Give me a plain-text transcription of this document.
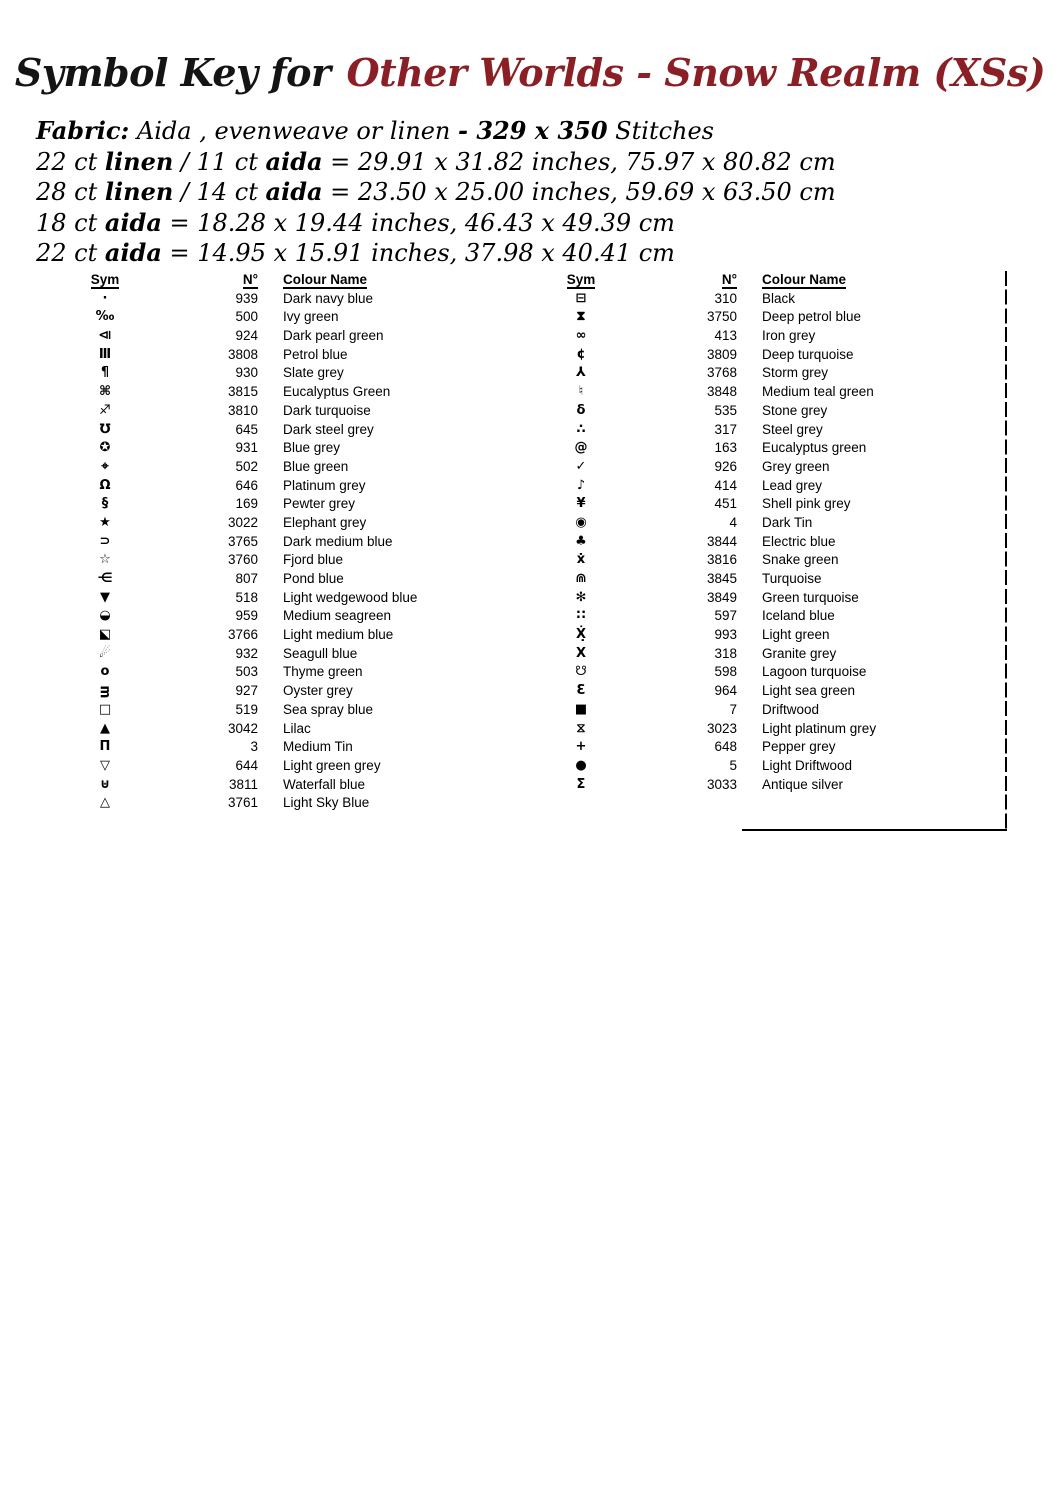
Symbol Key for Other Worlds - Snow Realm (XSs)
Fabric: Aida , evenweave or linen - 329 x 350 Stitches
22 ct linen / 11 ct aida = 29.91 x 31.82 inches, 75.97 x 80.82 cm
28 ct linen / 14 ct aida = 23.50 x 25.00 inches, 59.69 x 63.50 cm
18 ct aida = 18.28 x 19.44 inches, 46.43 x 49.39 cm
22 ct aida = 14.95 x 15.91 inches, 37.98 x 40.41 cm
Sym	N°	Colour Name
·	939	Dark navy blue
‰	500	Ivy green
⧏	924	Dark pearl green
Ⅲ	3808	Petrol blue
¶	930	Slate grey
⌘	3815	Eucalyptus Green
♐	3810	Dark turquoise
℧	645	Dark steel grey
✪	931	Blue grey
⌖	502	Blue green
Ω	646	Platinum grey
§	169	Pewter grey
★	3022	Elephant grey
⊃	3765	Dark medium blue
☆	3760	Fjord blue
⋲	807	Pond blue
▼	518	Light wedgewood blue
◒	959	Medium seagreen
⬕	3766	Light medium blue
☄	932	Seagull blue
o	503	Thyme green
ᴟ	927	Oyster grey
□	519	Sea spray blue
▲	3042	Lilac
Π	3	Medium Tin
▽	644	Light green grey
⊎	3811	Waterfall blue
△	3761	Light Sky Blue
Sym	N°	Colour Name
⊟	310	Black
⧗	3750	Deep petrol blue
∞	413	Iron grey
¢	3809	Deep turquoise
⅄	3768	Storm grey
♮	3848	Medium teal green
δ	535	Stone grey
∴	317	Steel grey
@	163	Eucalyptus green
✓	926	Grey green
♪	414	Lead grey
¥	451	Shell pink grey
◉	4	Dark Tin
♣	3844	Electric blue
ẋ	3816	Snake green
⋒	3845	Turquoise
✻	3849	Green turquoise
∷	597	Iceland blue
Ẋ̣	993	Light green
X	318	Granite grey
☋	598	Lagoon turquoise
Ɛ	964	Light sea green
■	7	Driftwood
⧖	3023	Light platinum grey
+	648	Pepper grey
●	5	Light Driftwood
Σ	3033	Antique silver
